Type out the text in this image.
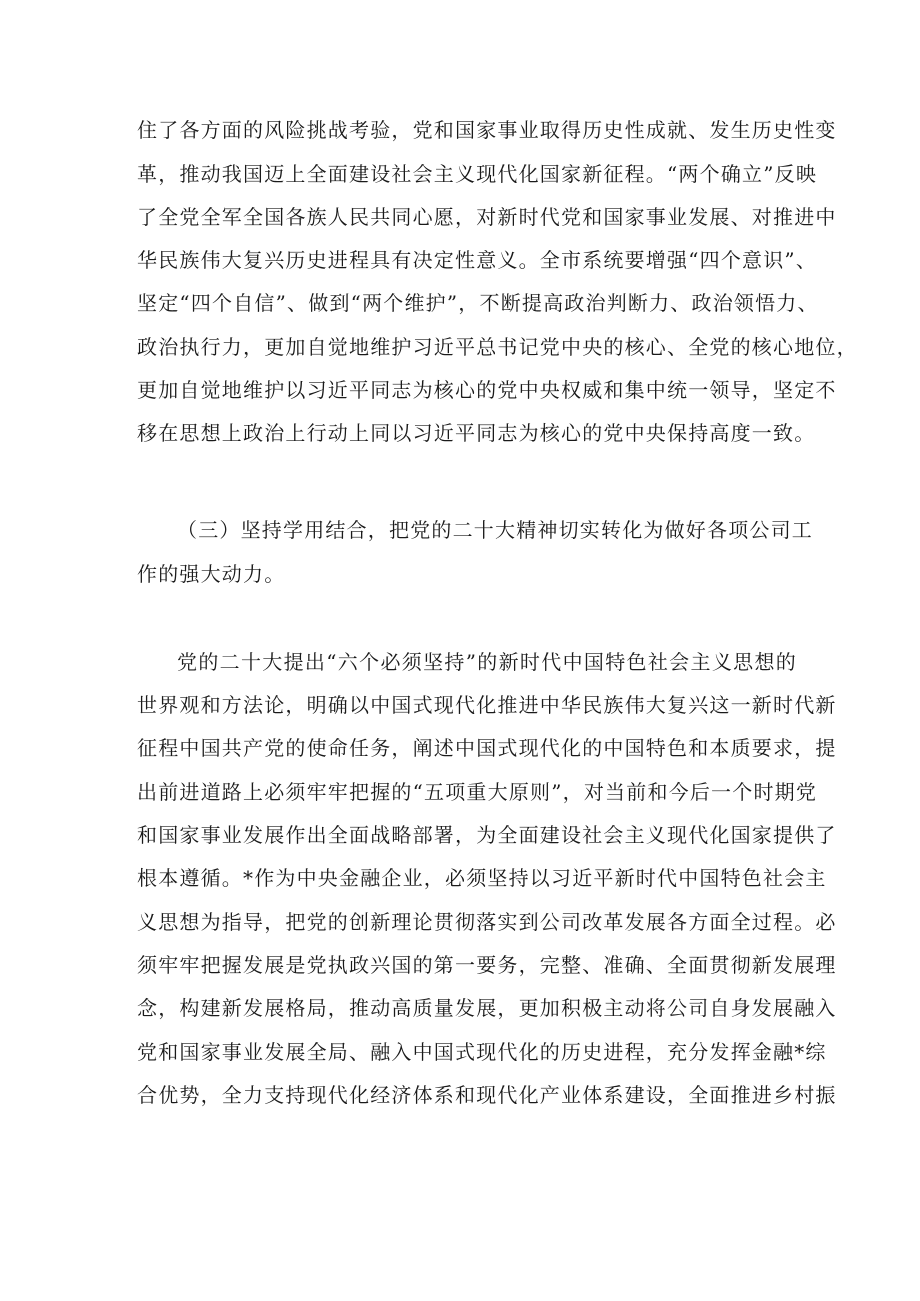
住了各方面的风险挑战考验，党和国家事业取得历史性成就、发生历史性变
革，推动我国迈上全面建设社会主义现代化国家新征程。“两个确立”反映
了全党全军全国各族人民共同心愿，对新时代党和国家事业发展、对推进中
华民族伟大复兴历史进程具有决定性意义。全市系统要增强“四个意识”、
坚定“四个自信”、做到“两个维护”，不断提高政治判断力、政治领悟力、
政治执行力，更加自觉地维护习近平总书记党中央的核心、全党的核心地位，
更加自觉地维护以习近平同志为核心的党中央权威和集中统一领导，坚定不
移在思想上政治上行动上同以习近平同志为核心的党中央保持高度一致。
（三）坚持学用结合，把党的二十大精神切实转化为做好各项公司工
作的强大动力。
党的二十大提出“六个必须坚持”的新时代中国特色社会主义思想的
世界观和方法论，明确以中国式现代化推进中华民族伟大复兴这一新时代新
征程中国共产党的使命任务，阐述中国式现代化的中国特色和本质要求，提
出前进道路上必须牢牢把握的“五项重大原则”，对当前和今后一个时期党
和国家事业发展作出全面战略部署，为全面建设社会主义现代化国家提供了
根本遵循。*作为中央金融企业，必须坚持以习近平新时代中国特色社会主
义思想为指导，把党的创新理论贯彻落实到公司改革发展各方面全过程。必
须牢牢把握发展是党执政兴国的第一要务，完整、准确、全面贯彻新发展理
念，构建新发展格局，推动高质量发展，更加积极主动将公司自身发展融入
党和国家事业发展全局、融入中国式现代化的历史进程，充分发挥金融*综
合优势，全力支持现代化经济体系和现代化产业体系建设，全面推进乡村振
